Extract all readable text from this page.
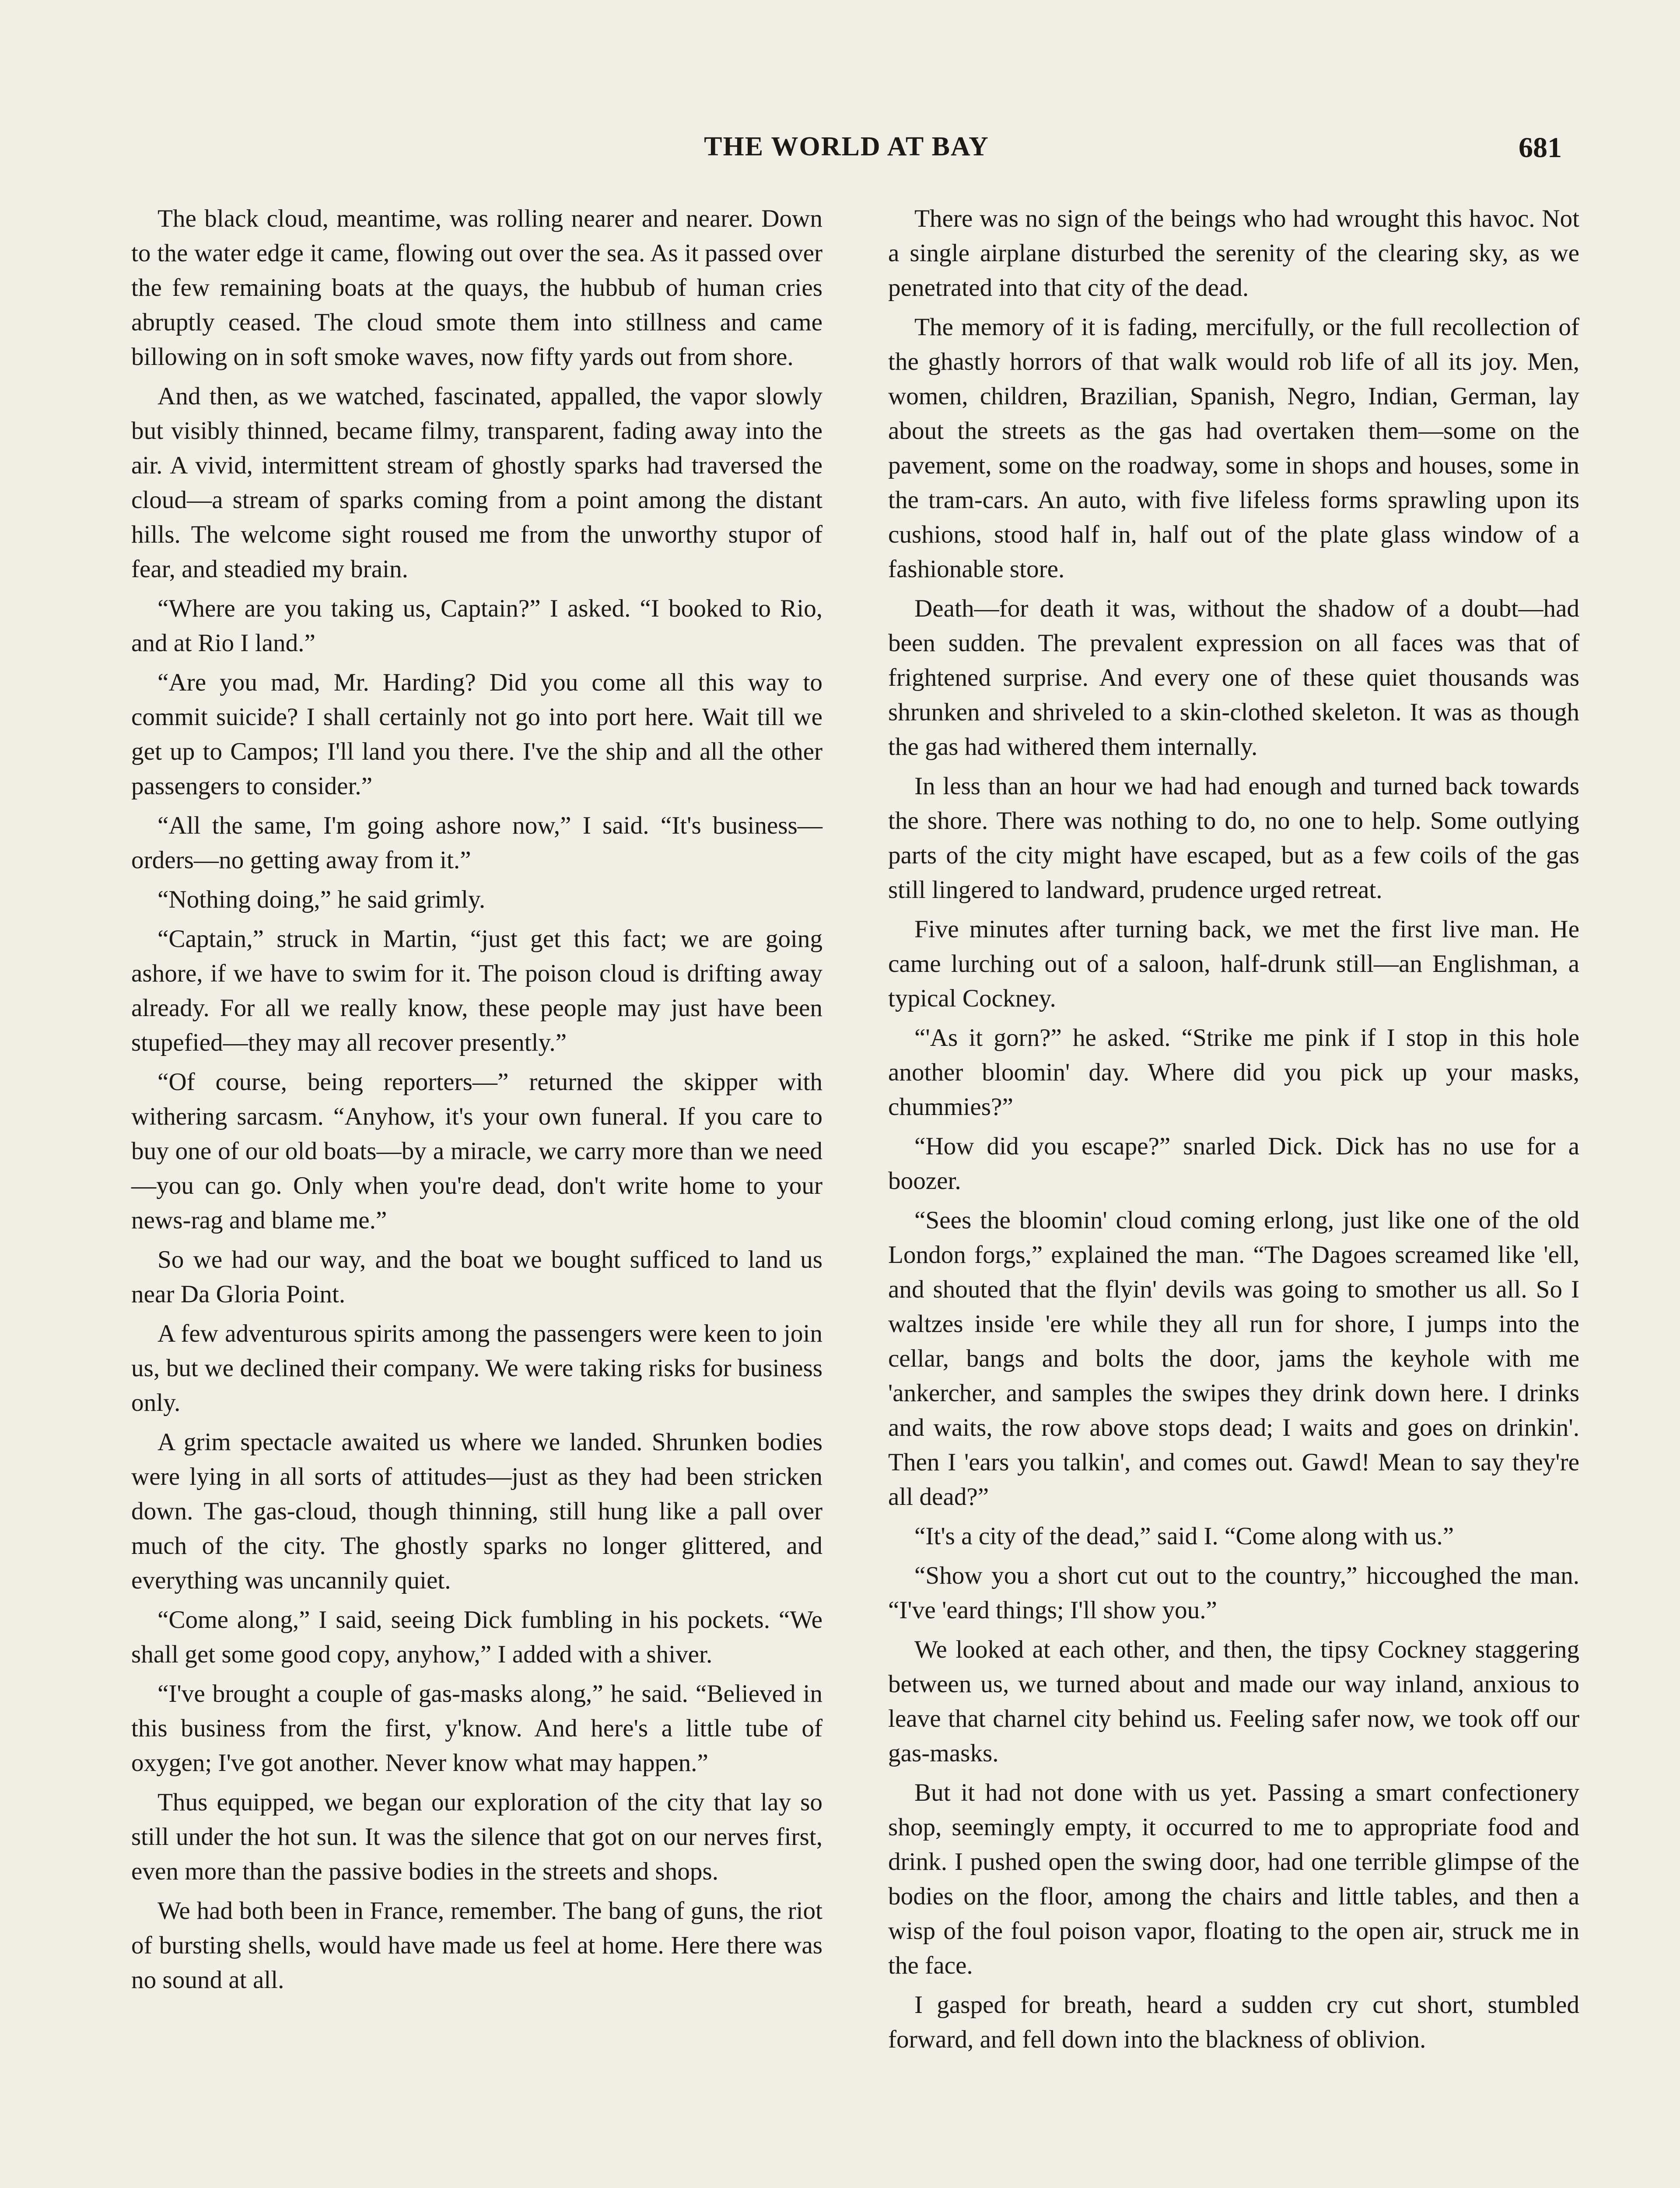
THE WORLD AT BAY	681

The black cloud, meantime, was rolling nearer and nearer. Down to the water edge it came, flowing out over the sea. As it passed over the few remaining boats at the quays, the hubbub of human cries abruptly ceased. The cloud smote them into stillness and came billowing on in soft smoke waves, now fifty yards out from shore.

And then, as we watched, fascinated, appalled, the vapor slowly but visibly thinned, became filmy, transparent, fading away into the air. A vivid, intermittent stream of ghostly sparks had traversed the cloud—a stream of sparks coming from a point among the distant hills. The welcome sight roused me from the unworthy stupor of fear, and steadied my brain.

“Where are you taking us, Captain?” I asked. “I booked to Rio, and at Rio I land.”

“Are you mad, Mr. Harding? Did you come all this way to commit suicide? I shall certainly not go into port here. Wait till we get up to Campos; I'll land you there. I've the ship and all the other passengers to consider.”

“All the same, I'm going ashore now,” I said. “It's business—orders—no getting away from it.”

“Nothing doing,” he said grimly.

“Captain,” struck in Martin, “just get this fact; we are going ashore, if we have to swim for it. The poison cloud is drifting away already. For all we really know, these people may just have been stupefied—they may all recover presently.”

“Of course, being reporters—” returned the skipper with withering sarcasm. “Anyhow, it's your own funeral. If you care to buy one of our old boats—by a miracle, we carry more than we need—you can go. Only when you're dead, don't write home to your news-rag and blame me.”

So we had our way, and the boat we bought sufficed to land us near Da Gloria Point.

A few adventurous spirits among the passengers were keen to join us, but we declined their company. We were taking risks for business only.

A grim spectacle awaited us where we landed. Shrunken bodies were lying in all sorts of attitudes—just as they had been stricken down. The gas-cloud, though thinning, still hung like a pall over much of the city. The ghostly sparks no longer glittered, and everything was uncannily quiet.

“Come along,” I said, seeing Dick fumbling in his pockets. “We shall get some good copy, anyhow,” I added with a shiver.

“I've brought a couple of gas-masks along,” he said. “Believed in this business from the first, y'know. And here's a little tube of oxygen; I've got another. Never know what may happen.”

Thus equipped, we began our exploration of the city that lay so still under the hot sun. It was the silence that got on our nerves first, even more than the passive bodies in the streets and shops.

We had both been in France, remember. The bang of guns, the riot of bursting shells, would have made us feel at home. Here there was no sound at all.

There was no sign of the beings who had wrought this havoc. Not a single airplane disturbed the serenity of the clearing sky, as we penetrated into that city of the dead.

The memory of it is fading, mercifully, or the full recollection of the ghastly horrors of that walk would rob life of all its joy. Men, women, children, Brazilian, Spanish, Negro, Indian, German, lay about the streets as the gas had overtaken them—some on the pavement, some on the roadway, some in shops and houses, some in the tram-cars. An auto, with five lifeless forms sprawling upon its cushions, stood half in, half out of the plate glass window of a fashionable store.

Death—for death it was, without the shadow of a doubt—had been sudden. The prevalent expression on all faces was that of frightened surprise. And every one of these quiet thousands was shrunken and shriveled to a skin-clothed skeleton. It was as though the gas had withered them internally.

In less than an hour we had had enough and turned back towards the shore. There was nothing to do, no one to help. Some outlying parts of the city might have escaped, but as a few coils of the gas still lingered to landward, prudence urged retreat.

Five minutes after turning back, we met the first live man. He came lurching out of a saloon, half-drunk still—an Englishman, a typical Cockney.

“'As it gorn?” he asked. “Strike me pink if I stop in this hole another bloomin' day. Where did you pick up your masks, chummies?”

“How did you escape?” snarled Dick. Dick has no use for a boozer.

“Sees the bloomin' cloud coming erlong, just like one of the old London forgs,” explained the man. “The Dagoes screamed like 'ell, and shouted that the flyin' devils was going to smother us all. So I waltzes inside 'ere while they all run for shore, I jumps into the cellar, bangs and bolts the door, jams the keyhole with me 'ankercher, and samples the swipes they drink down here. I drinks and waits, the row above stops dead; I waits and goes on drinkin'. Then I 'ears you talkin', and comes out. Gawd! Mean to say they're all dead?”

“It's a city of the dead,” said I. “Come along with us.”

“Show you a short cut out to the country,” hiccoughed the man. “I've 'eard things; I'll show you.”

We looked at each other, and then, the tipsy Cockney staggering between us, we turned about and made our way inland, anxious to leave that charnel city behind us. Feeling safer now, we took off our gas-masks.

But it had not done with us yet. Passing a smart confectionery shop, seemingly empty, it occurred to me to appropriate food and drink. I pushed open the swing door, had one terrible glimpse of the bodies on the floor, among the chairs and little tables, and then a wisp of the foul poison vapor, floating to the open air, struck me in the face.

I gasped for breath, heard a sudden cry cut short, stumbled forward, and fell down into the blackness of oblivion.
